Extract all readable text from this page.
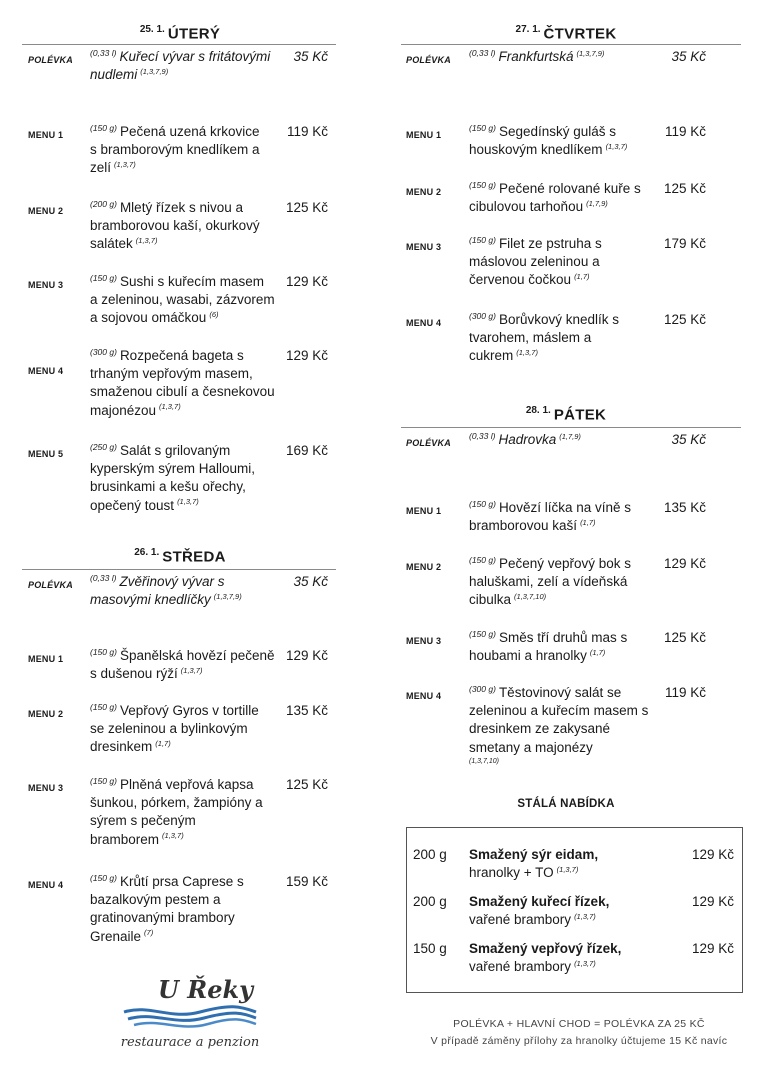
$^{25. 1.}$ ÚTERÝ
POLÉVKA
$^{(0,33 l)}$ Kuřecí vývar s fritátovými nudlemi $^{(1,3,7,9)}$
35 Kč
MENU 1
$^{(150 g)}$ Pečená uzená krkovice s bramborovým knedlíkem a zelí $^{(1,3,7)}$
119 Kč
MENU 2
$^{(200 g)}$ Mletý řízek s nivou a bramborovou kaší, okurkový salátek $^{(1,3,7)}$
125 Kč
MENU 3
$^{(150 g)}$ Sushi s kuřecím masem a zeleninou, wasabi, zázvorem a sojovou omáčkou $^{(6)}$
129 Kč
MENU 4
$^{(300 g)}$ Rozpečená bageta s trhaným vepřovým masem, smaženou cibulí a česnekovou majonézou $^{(1,3,7)}$
129 Kč
MENU 5
$^{(250 g)}$ Salát s grilovaným kyperským sýrem Halloumi, brusinkami a kešu ořechy, opečený toust $^{(1,3,7)}$
169 Kč
$^{26. 1.}$ STŘEDA
POLÉVKA
$^{(0,33 l)}$ Zvěřinový vývar s masovými knedlíčky $^{(1,3,7,9)}$
35 Kč
MENU 1
$^{(150 g)}$ Španělská hovězí pečeně s dušenou rýží $^{(1,3,7)}$
129 Kč
MENU 2
$^{(150 g)}$ Vepřový Gyros v tortille se zeleninou a bylinkovým dresinkem $^{(1,7)}$
135 Kč
MENU 3
$^{(150 g)}$ Plněná vepřová kapsa šunkou, pórkem, žampióny a sýrem s pečeným bramborem $^{(1,3,7)}$
125 Kč
MENU 4
$^{(150 g)}$ Krůtí prsa Caprese s bazalkovým pestem a gratinovanými brambory Grenaile $^{(7)}$
159 Kč
U Řeky
restaurace a penzion
$^{27. 1.}$ ČTVRTEK
POLÉVKA
$^{(0,33 l)}$ Frankfurtská $^{(1,3,7,9)}$	35 Kč
MENU 1
$^{(150 g)}$ Segedínský guláš s houskovým knedlíkem $^{(1,3,7)}$
119 Kč
MENU 2
$^{(150 g)}$ Pečené rolované kuře s cibulovou tarhoňou $^{(1,7,9)}$
125 Kč
MENU 3
$^{(150 g)}$ Filet ze pstruha s máslovou zeleninou a červenou čočkou $^{(1,7)}$
179 Kč
MENU 4
$^{(300 g)}$ Borůvkový knedlík s tvarohem, máslem a cukrem $^{(1,3,7)}$
125 Kč
$^{28. 1.}$ PÁTEK
POLÉVKA
$^{(0,33 l)}$ Hadrovka $^{(1,7,9)}$	35 Kč
MENU 1
$^{(150 g)}$ Hovězí líčka na víně s bramborovou kaší $^{(1,7)}$
135 Kč
MENU 2
$^{(150 g)}$ Pečený vepřový bok s haluškami, zelí a vídeňská cibulka $^{(1,3,7,10)}$
129 Kč
MENU 3
$^{(150 g)}$ Směs tří druhů mas s houbami a hranolky $^{(1,7)}$
125 Kč
MENU 4
$^{(300 g)}$ Těstovinový salát se zeleninou a kuřecím masem s dresinkem ze zakysané smetany a majonézy
(1,3,7,10)
119 Kč
STÁLÁ NABÍDKA
200 g Smažený sýr eidam,
hranolky + TO $^{(1,3,7)}$
129 Kč
200 g Smažený kuřecí řízek,
vařené brambory $^{(1,3,7)}$
129 Kč
150 g Smažený vepřový řízek,
vařené brambory $^{(1,3,7)}$
129 Kč
POLÉVKA + HLAVNÍ CHOD = POLÉVKA ZA 25 KČ
V případě záměny přílohy za hranolky účtujeme 15 Kč navíc
